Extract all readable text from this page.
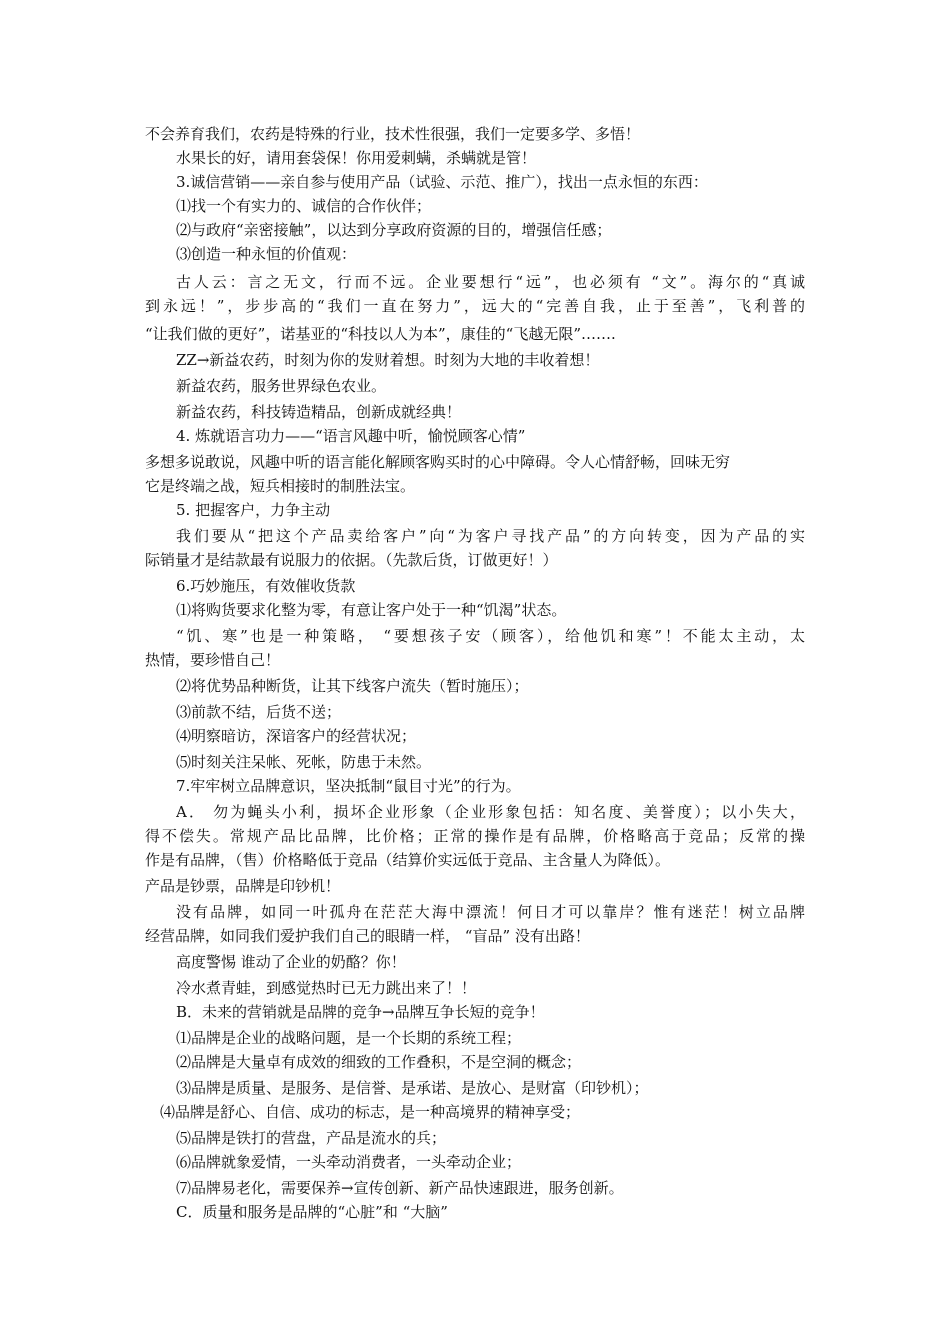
不会养育我们，农药是特殊的行业，技术性很强，我们一定要多学、多悟！
水果长的好，请用套袋保！你用爱刺螨，杀螨就是管！
3.诚信营销——亲自参与使用产品（试验、示范、推广），找出一点永恒的东西：
⑴找一个有实力的、诚信的合作伙伴；
⑵与政府“亲密接触”，以达到分享政府资源的目的，增强信任感；
⑶创造一种永恒的价值观：
古人云：言之无文，行而不远。企业要想行“远”，也必须有 “文”。海尔的“真诚
到永远！”，步步高的“我们一直在努力”，远大的“完善自我，止于至善”，飞利普的
“让我们做的更好”，诺基亚的“科技以人为本”，康佳的“飞越无限”…….
ZZ→新益农药，时刻为你的发财着想。时刻为大地的丰收着想！
新益农药，服务世界绿色农业。
新益农药，科技铸造精品，创新成就经典！
4. 炼就语言功力——“语言风趣中听，愉悦顾客心情”
多想多说敢说，风趣中听的语言能化解顾客购买时的心中障碍。令人心情舒畅，回味无穷
它是终端之战，短兵相接时的制胜法宝。
5. 把握客户，力争主动
我们要从“把这个产品卖给客户”向“为客户寻找产品”的方向转变，因为产品的实
际销量才是结款最有说服力的依据。（先款后货，订做更好！）
6.巧妙施压，有效催收货款
⑴将购货要求化整为零，有意让客户处于一种“饥渴”状态。
“饥、寒”也是一种策略， “要想孩子安（顾客），给他饥和寒”！不能太主动，太
热情，要珍惜自己！
⑵将优势品种断货，让其下线客户流失（暂时施压）；
⑶前款不结，后货不送；
⑷明察暗访，深谙客户的经营状况；
⑸时刻关注呆帐、死帐，防患于未然。
7.牢牢树立品牌意识，坚决抵制“鼠目寸光”的行为。
A． 勿为蝇头小利，损坏企业形象（企业形象包括：知名度、美誉度）；以小失大，
得不偿失。常规产品比品牌，比价格；正常的操作是有品牌，价格略高于竞品；反常的操
作是有品牌，（售）价格略低于竞品（结算价实远低于竞品、主含量人为降低）。
产品是钞票，品牌是印钞机！
没有品牌，如同一叶孤舟在茫茫大海中漂流！何日才可以靠岸？惟有迷茫！树立品牌
经营品牌，如同我们爱护我们自己的眼睛一样， “盲品” 没有出路！
高度警惕 谁动了企业的奶酪？你！
冷水煮青蛙，到感觉热时已无力跳出来了！！
B．未来的营销就是品牌的竞争→品牌互争长短的竞争！
⑴品牌是企业的战略问题，是一个长期的系统工程；
⑵品牌是大量卓有成效的细致的工作叠积，不是空洞的概念；
⑶品牌是质量、是服务、是信誉、是承诺、是放心、是财富（印钞机）；
⑷品牌是舒心、自信、成功的标志，是一种高境界的精神享受；
⑸品牌是铁打的营盘，产品是流水的兵；
⑹品牌就象爱情，一头牵动消费者，一头牵动企业；
⑺品牌易老化，需要保养→宣传创新、新产品快速跟进，服务创新。
C．质量和服务是品牌的“心脏”和 “大脑”
